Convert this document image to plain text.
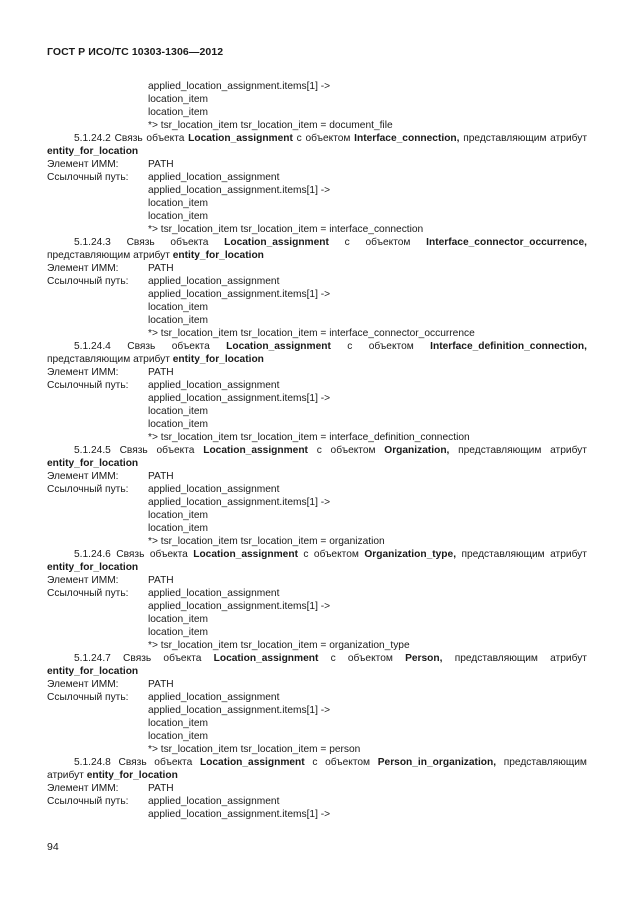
ГОСТ Р ИСО/ТС 10303-1306—2012
applied_location_assignment.items[1] ->
location_item
location_item
*> tsr_location_item tsr_location_item = document_file
5.1.24.2 Связь объекта Location_assignment с объектом Interface_connection, представляющим атрибут entity_for_location
Элемент ИММ:	PATH
Ссылочный путь:	applied_location_assignment
applied_location_assignment.items[1] ->
location_item
location_item
*> tsr_location_item tsr_location_item = interface_connection
5.1.24.3 Связь объекта Location_assignment с объектом Interface_connector_occurrence, представляющим атрибут entity_for_location
Элемент ИММ:	PATH
Ссылочный путь:	applied_location_assignment
applied_location_assignment.items[1] ->
location_item
location_item
*> tsr_location_item tsr_location_item = interface_connector_occurrence
5.1.24.4 Связь объекта Location_assignment с объектом Interface_definition_connection, представляющим атрибут entity_for_location
Элемент ИММ:	PATH
Ссылочный путь:	applied_location_assignment
applied_location_assignment.items[1] ->
location_item
location_item
*> tsr_location_item tsr_location_item = interface_definition_connection
5.1.24.5 Связь объекта Location_assignment с объектом Organization, представляющим атрибут entity_for_location
Элемент ИММ:	PATH
Ссылочный путь:	applied_location_assignment
applied_location_assignment.items[1] ->
location_item
location_item
*> tsr_location_item tsr_location_item = organization
5.1.24.6 Связь объекта Location_assignment с объектом Organization_type, представляющим атрибут entity_for_location
Элемент ИММ:	PATH
Ссылочный путь:	applied_location_assignment
applied_location_assignment.items[1] ->
location_item
location_item
*> tsr_location_item tsr_location_item = organization_type
5.1.24.7 Связь объекта Location_assignment с объектом Person, представляющим атрибут entity_for_location
Элемент ИММ:	PATH
Ссылочный путь:	applied_location_assignment
applied_location_assignment.items[1] ->
location_item
location_item
*> tsr_location_item tsr_location_item = person
5.1.24.8 Связь объекта Location_assignment с объектом Person_in_organization, представляющим атрибут entity_for_location
Элемент ИММ:	PATH
Ссылочный путь:	applied_location_assignment
applied_location_assignment.items[1] ->
94
